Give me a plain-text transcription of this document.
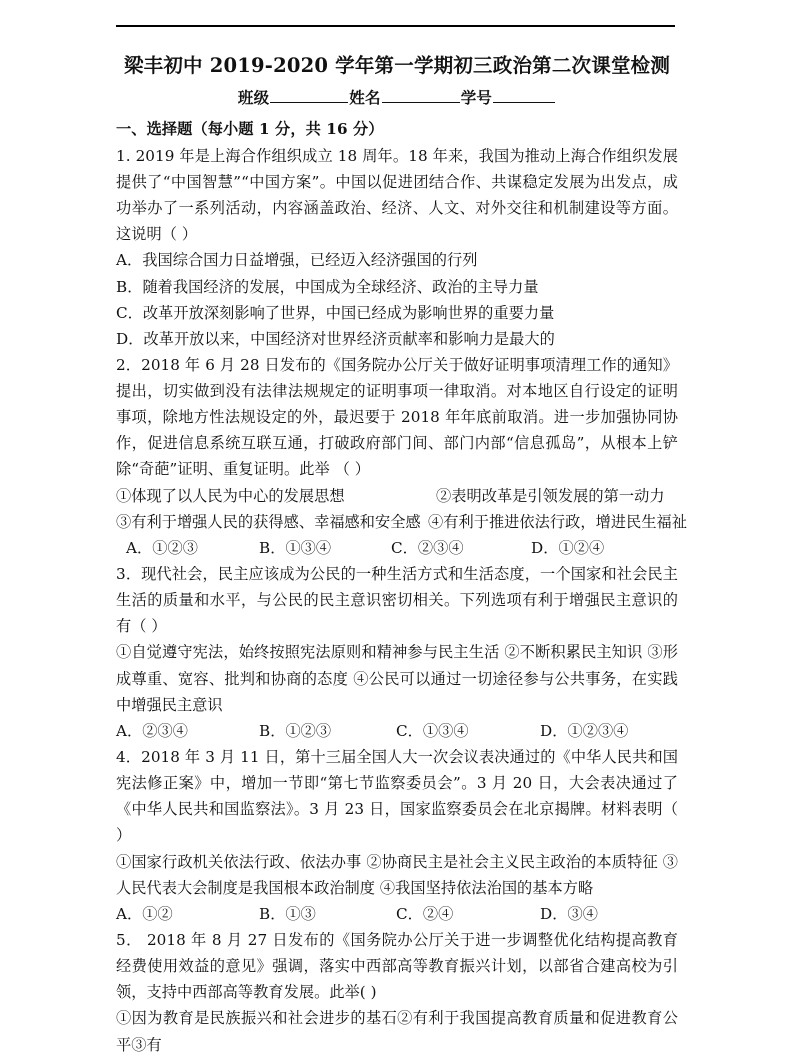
梁丰初中 2019-2020 学年第一学期初三政治第二次课堂检测
班级	姓名	学号

一、选择题（每小题 1 分，共 16 分）

1. 2019 年是上海合作组织成立 18 周年。18 年来，我国为推动上海合作组织发展提供了“中国智慧”“中国方案”。中国以促进团结合作、共谋稳定发展为出发点，成功举办了一系列活动，内容涵盖政治、经济、人文、对外交往和机制建设等方面。这说明（ ）

A．我国综合国力日益增强，已经迈入经济强国的行列

B．随着我国经济的发展，中国成为全球经济、政治的主导力量

C．改革开放深刻影响了世界，中国已经成为影响世界的重要力量

D．改革开放以来，中国经济对世界经济贡献率和影响力是最大的

2．2018 年 6 月 28 日发布的《国务院办公厅关于做好证明事项清理工作的通知》提出，切实做到没有法律法规规定的证明事项一律取消。对本地区自行设定的证明事项，除地方性法规设定的外，最迟要于 2018 年年底前取消。进一步加强协同协作，促进信息系统互联互通，打破政府部门间、部门内部“信息孤岛”，从根本上铲除“奇葩”证明、重复证明。此举 （ ）

①体现了以人民为中心的发展思想	②表明改革是引领发展的第一动力
③有利于增强人民的获得感、幸福感和安全感 ④有利于推进依法行政，增进民生福祉
A．①②③	B．①③④	C．②③④	D．①②④

3．现代社会，民主应该成为公民的一种生活方式和生活态度，一个国家和社会民主生活的质量和水平，与公民的民主意识密切相关。下列选项有利于增强民主意识的有（ ）

①自觉遵守宪法，始终按照宪法原则和精神参与民主生活 ②不断积累民主知识 ③形成尊重、宽容、批判和协商的态度 ④公民可以通过一切途径参与公共事务，在实践中增强民主意识

A．②③④	B．①②③	C．①③④	D．①②③④

4．2018 年 3 月 11 日，第十三届全国人大一次会议表决通过的《中华人民共和国宪法修正案》中，增加一节即“第七节监察委员会”。3 月 20 日，大会表决通过了《中华人民共和国监察法》。3 月 23 日，国家监察委员会在北京揭牌。材料表明（ ）

①国家行政机关依法行政、依法办事 ②协商民主是社会主义民主政治的本质特征 ③人民代表大会制度是我国根本政治制度 ④我国坚持依法治国的基本方略

A．①②	B．①③	C．②④	D．③④

5． 2018 年 8 月 27 日发布的《国务院办公厅关于进一步调整优化结构提高教育经费使用效益的意见》强调，落实中西部高等教育振兴计划，以部省合建高校为引领，支持中西部高等教育发展。此举( )

①因为教育是民族振兴和社会进步的基石②有利于我国提高教育质量和促进教育公平③有
